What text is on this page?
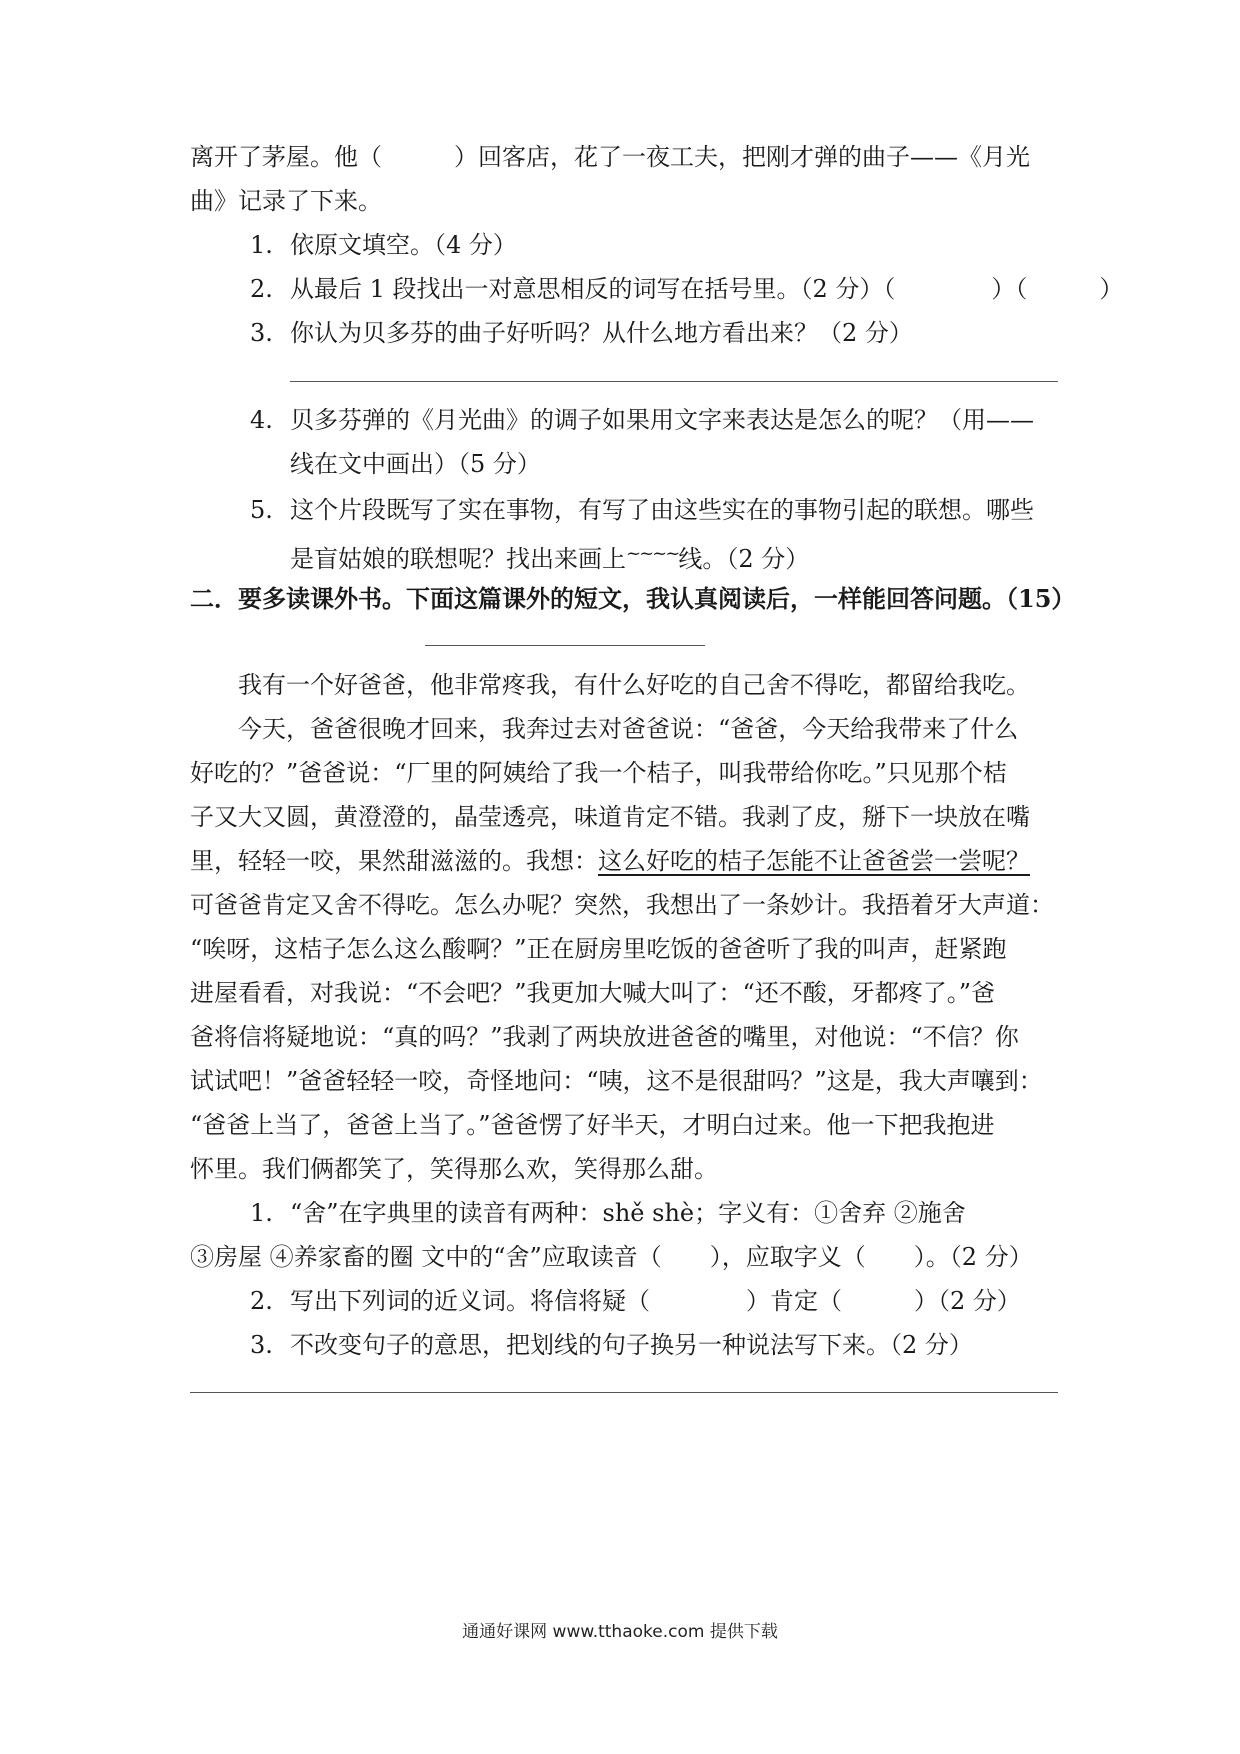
离开了茅屋。他（　　　）回客店，花了一夜工夫，把刚才弹的曲子——《月光
曲》记录了下来。
1. 依原文填空。（4 分）
2. 从最后 1 段找出一对意思相反的词写在括号里。（2 分）（　　　　）（　　　）
3. 你认为贝多芬的曲子好听吗？从什么地方看出来？（2 分）
4. 贝多芬弹的《月光曲》的调子如果用文字来表达是怎么的呢？（用——
线在文中画出）（5 分）
5. 这个片段既写了实在事物，有写了由这些实在的事物引起的联想。哪些
是盲姑娘的联想呢？找出来画上~~~~线。（2 分）
二．要多读课外书。下面这篇课外的短文，我认真阅读后，一样能回答问题。（15）
我有一个好爸爸，他非常疼我，有什么好吃的自己舍不得吃，都留给我吃。
今天，爸爸很晚才回来，我奔过去对爸爸说：“爸爸，今天给我带来了什么
好吃的？”爸爸说：“厂里的阿姨给了我一个桔子，叫我带给你吃。”只见那个桔
子又大又圆，黄澄澄的，晶莹透亮，味道肯定不错。我剥了皮，掰下一块放在嘴
里，轻轻一咬，果然甜滋滋的。我想：这么好吃的桔子怎能不让爸爸尝一尝呢？
可爸爸肯定又舍不得吃。怎么办呢？突然，我想出了一条妙计。我捂着牙大声道：
“唉呀，这桔子怎么这么酸啊？”正在厨房里吃饭的爸爸听了我的叫声，赶紧跑
进屋看看，对我说：“不会吧？”我更加大喊大叫了：“还不酸，牙都疼了。”爸
爸将信将疑地说：“真的吗？”我剥了两块放进爸爸的嘴里，对他说：“不信？你
试试吧！”爸爸轻轻一咬，奇怪地问：“咦，这不是很甜吗？”这是，我大声嚷到：
“爸爸上当了，爸爸上当了。”爸爸愣了好半天，才明白过来。他一下把我抱进
怀里。我们俩都笑了，笑得那么欢，笑得那么甜。
1. “舍”在字典里的读音有两种：shě shè；字义有：①舍弃 ②施舍
③房屋 ④养家畜的圈 文中的“舍”应取读音（　　），应取字义（　　）。（2 分）
2. 写出下列词的近义词。将信将疑（　　　　）肯定（　　　）（2 分）
3. 不改变句子的意思，把划线的句子换另一种说法写下来。（2 分）
通通好课网 www.tthaoke.com 提供下载
